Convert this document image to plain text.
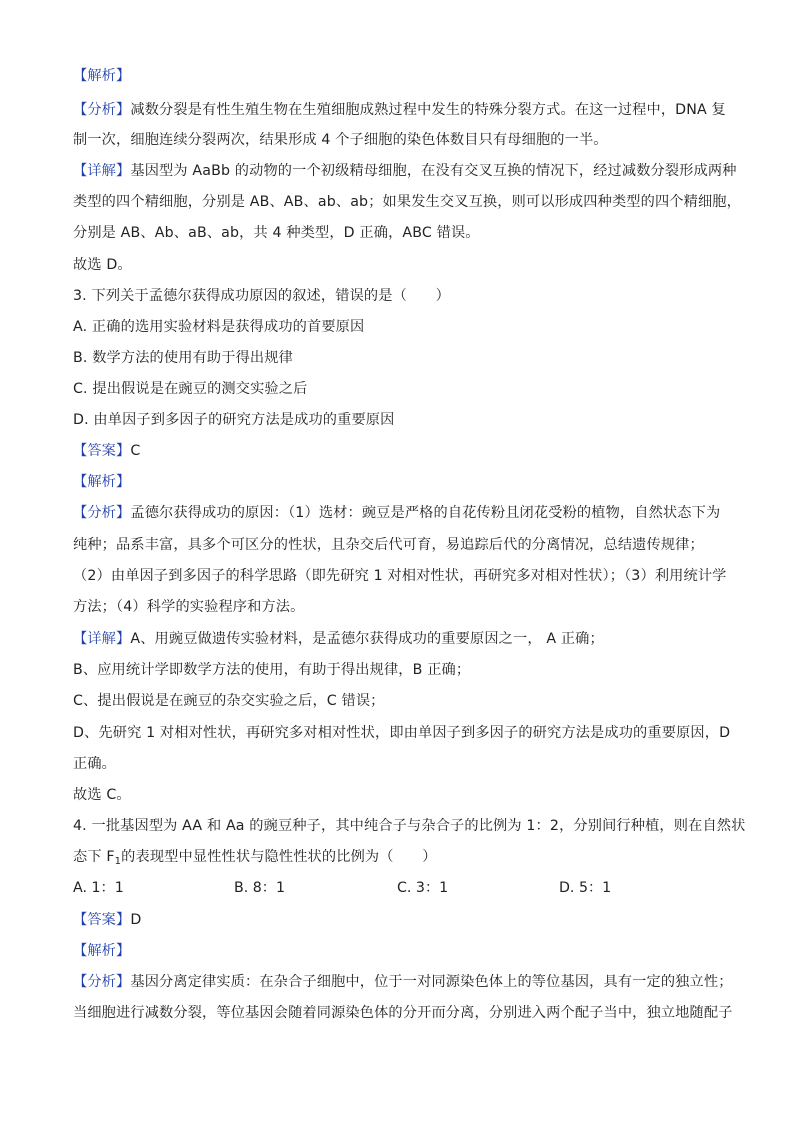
【解析】
【分析】减数分裂是有性生殖生物在生殖细胞成熟过程中发生的特殊分裂方式。在这一过程中，DNA 复
制一次，细胞连续分裂两次，结果形成 4 个子细胞的染色体数目只有母细胞的一半。
【详解】基因型为 AaBb 的动物的一个初级精母细胞，在没有交叉互换的情况下，经过减数分裂形成两种
类型的四个精细胞，分别是 AB、AB、ab、ab；如果发生交叉互换，则可以形成四种类型的四个精细胞，
分别是 AB、Ab、aB、ab，共 4 种类型，D 正确，ABC 错误。
故选 D。
3. 下列关于孟德尔获得成功原因的叙述，错误的是（　　）
A. 正确的选用实验材料是获得成功的首要原因
B. 数学方法的使用有助于得出规律
C. 提出假说是在豌豆的测交实验之后
D. 由单因子到多因子的研究方法是成功的重要原因
【答案】C
【解析】
【分析】孟德尔获得成功的原因：（1）选材：豌豆是严格的自花传粉且闭花受粉的植物，自然状态下为
纯种；品系丰富，具多个可区分的性状，且杂交后代可育，易追踪后代的分离情况，总结遗传规律；
（2）由单因子到多因子的科学思路（即先研究 1 对相对性状，再研究多对相对性状）；（3）利用统计学
方法；（4）科学的实验程序和方法。
【详解】A、用豌豆做遗传实验材料，是孟德尔获得成功的重要原因之一， A 正确；
B、应用统计学即数学方法的使用，有助于得出规律，B 正确；
C、提出假说是在豌豆的杂交实验之后，C 错误；
D、先研究 1 对相对性状，再研究多对相对性状，即由单因子到多因子的研究方法是成功的重要原因，D
正确。
故选 C。
4. 一批基因型为 AA 和 Aa 的豌豆种子，其中纯合子与杂合子的比例为 1：2，分别间行种植，则在自然状
态下 $F_1$的表现型中显性性状与隐性性状的比例为（　　）
A. 1：1	B. 8：1	C. 3：1	D. 5：1
【答案】D
【解析】
【分析】基因分离定律实质：在杂合子细胞中，位于一对同源染色体上的等位基因，具有一定的独立性；
当细胞进行减数分裂，等位基因会随着同源染色体的分开而分离，分别进入两个配子当中，独立地随配子
